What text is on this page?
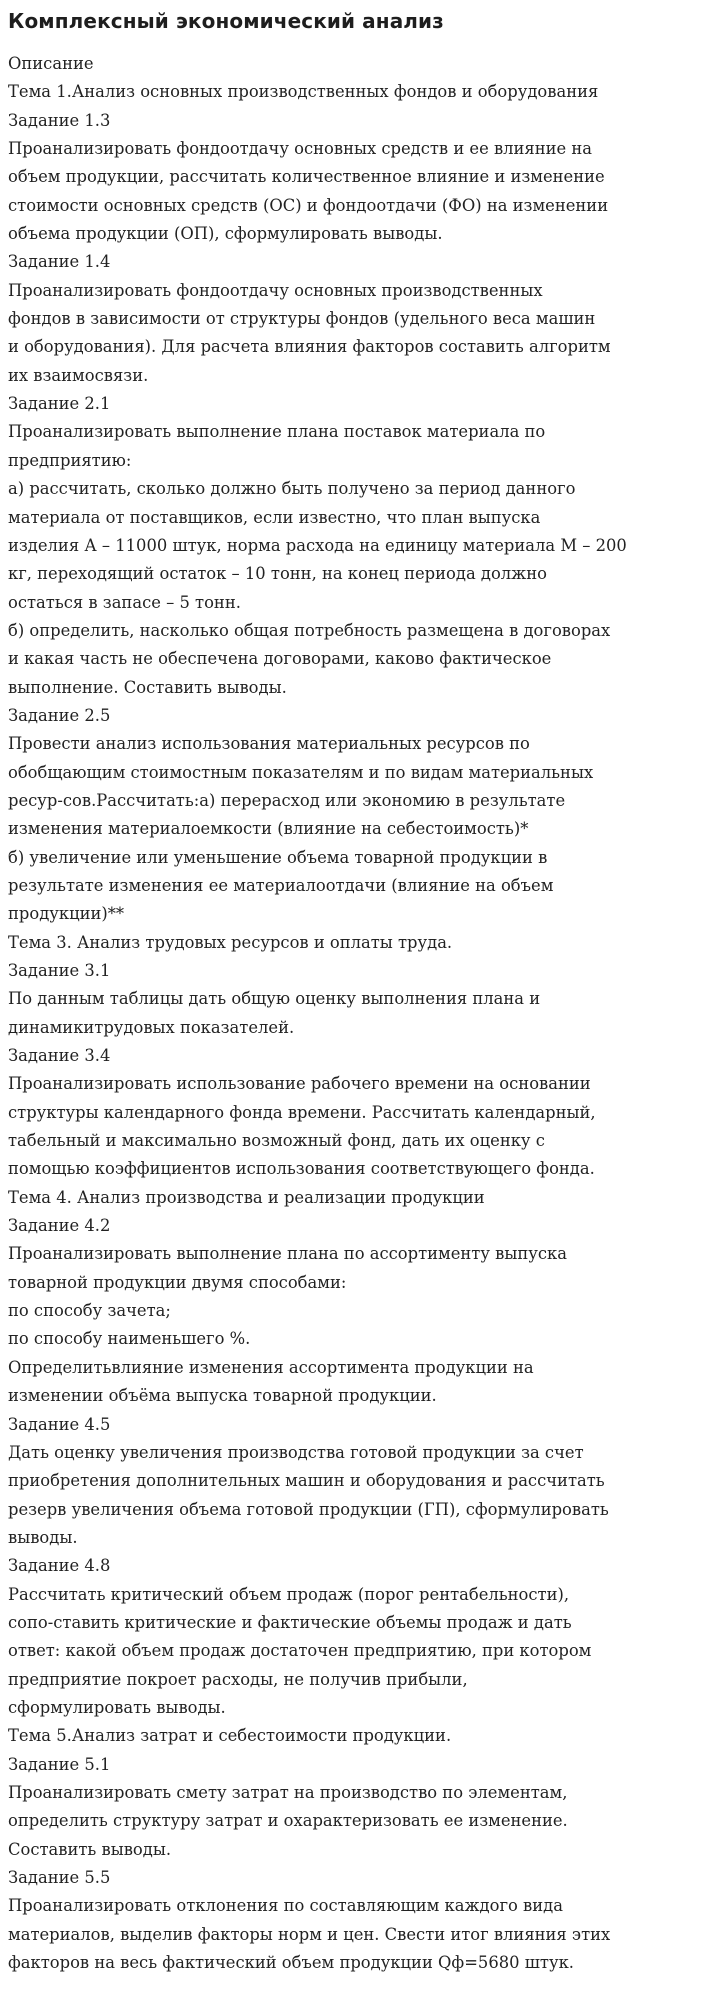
Комплексный экономический анализ
Описание
Тема 1.Анализ основных производственных фондов и оборудования
Задание 1.3
Проанализировать фондоотдачу основных средств и ее влияние на
объем продукции, рассчитать количественное влияние и изменение
стоимости основных средств (ОС) и фондоотдачи (ФО) на изменении
объема продукции (ОП), сформулировать выводы.
Задание 1.4
Проанализировать фондоотдачу основных производственных
фондов в зависимости от структуры фондов (удельного веса машин
и оборудования). Для расчета влияния факторов составить алгоритм
их взаимосвязи.
Задание 2.1
Проанализировать выполнение плана поставок материала по
предприятию:
а) рассчитать, сколько должно быть получено за период данного
материала от поставщиков, если известно, что план выпуска
изделия А – 11000 штук, норма расхода на единицу материала М – 200
кг, переходящий остаток – 10 тонн, на конец периода должно
остаться в запасе – 5 тонн.
б) определить, насколько общая потребность размещена в договорах
и какая часть не обеспечена договорами, каково фактическое
выполнение. Составить выводы.
Задание 2.5
Провести анализ использования материальных ресурсов по
обобщающим стоимостным показателям и по видам материальных
ресур-сов.Рассчитать:а) перерасход или экономию в результате
изменения материалоемкости (влияние на себестоимость)*
б) увеличение или уменьшение объема товарной продукции в
результате изменения ее материалоотдачи (влияние на объем
продукции)**
Тема 3. Анализ трудовых ресурсов и оплаты труда.
Задание 3.1
По данным таблицы дать общую оценку выполнения плана и
динамикитрудовых показателей.
Задание 3.4
Проанализировать использование рабочего времени на основании
структуры календарного фонда времени. Рассчитать календарный,
табельный и максимально возможный фонд, дать их оценку с
помощью коэффициентов использования соответствующего фонда.
Тема 4. Анализ производства и реализации продукции
Задание 4.2
Проанализировать выполнение плана по ассортименту выпуска
товарной продукции двумя способами:
по способу зачета;
по способу наименьшего %.
Определитьвлияние изменения ассортимента продукции на
изменении объёма выпуска товарной продукции.
Задание 4.5
Дать оценку увеличения производства готовой продукции за счет
приобретения дополнительных машин и оборудования и рассчитать
резерв увеличения объема готовой продукции (ГП), сформулировать
выводы.
Задание 4.8
Рассчитать критический объем продаж (порог рентабельности),
сопо-ставить критические и фактические объемы продаж и дать
ответ: какой объем продаж достаточен предприятию, при котором
предприятие покроет расходы, не получив прибыли,
сформулировать выводы.
Тема 5.Анализ затрат и себестоимости продукции.
Задание 5.1
Проанализировать смету затрат на производство по элементам,
определить структуру затрат и охарактеризовать ее изменение.
Составить выводы.
Задание 5.5
Проанализировать отклонения по составляющим каждого вида
материалов, выделив факторы норм и цен. Свести итог влияния этих
факторов на весь фактический объем продукции Qф=5680 штук.
